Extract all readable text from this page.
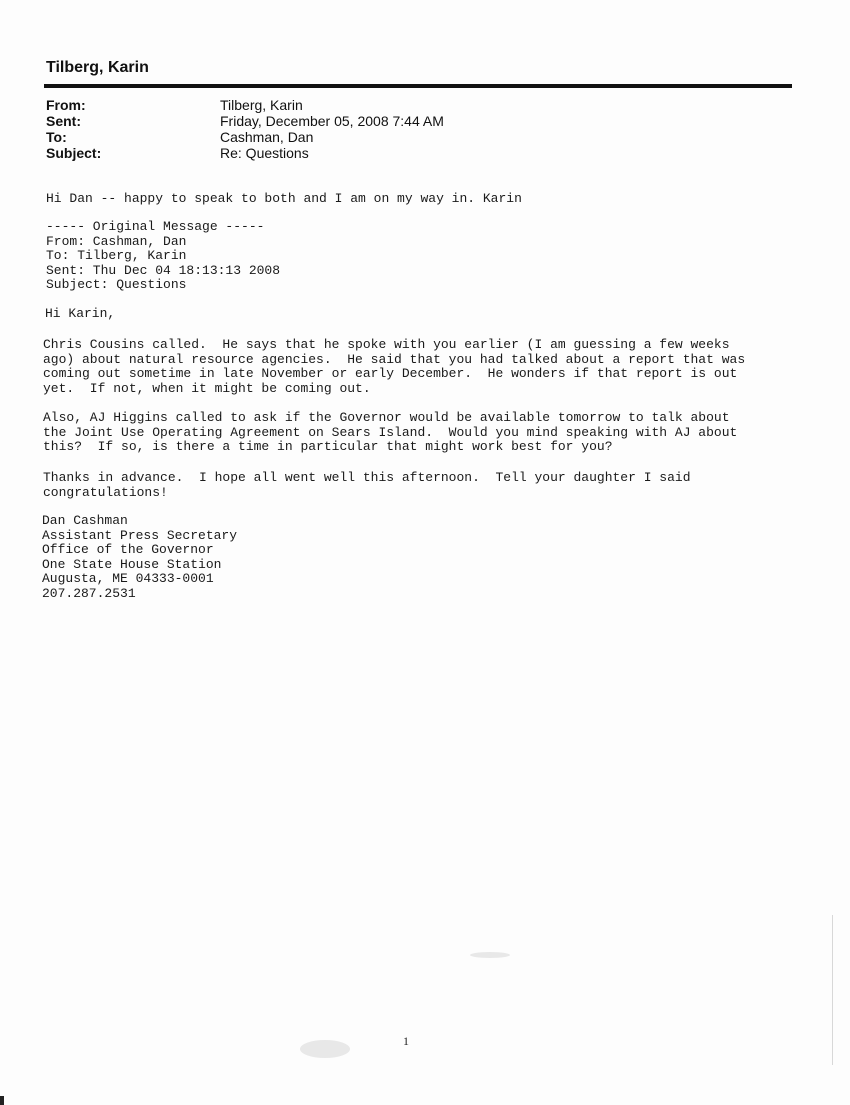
Tilberg, Karin
From:	Tilberg, Karin
Sent:	Friday, December 05, 2008 7:44 AM
To:	Cashman, Dan
Subject:	Re: Questions
Hi Dan -- happy to speak to both and I am on my way in. Karin
----- Original Message -----
From: Cashman, Dan
To: Tilberg, Karin
Sent: Thu Dec 04 18:13:13 2008
Subject: Questions
Hi Karin,
Chris Cousins called.  He says that he spoke with you earlier (I am guessing a few weeks
ago) about natural resource agencies.  He said that you had talked about a report that was
coming out sometime in late November or early December.  He wonders if that report is out
yet.  If not, when it might be coming out.
Also, AJ Higgins called to ask if the Governor would be available tomorrow to talk about
the Joint Use Operating Agreement on Sears Island.  Would you mind speaking with AJ about
this?  If so, is there a time in particular that might work best for you?
Thanks in advance.  I hope all went well this afternoon.  Tell your daughter I said
congratulations!
Dan Cashman
Assistant Press Secretary
Office of the Governor
One State House Station
Augusta, ME 04333-0001
207.287.2531
1
